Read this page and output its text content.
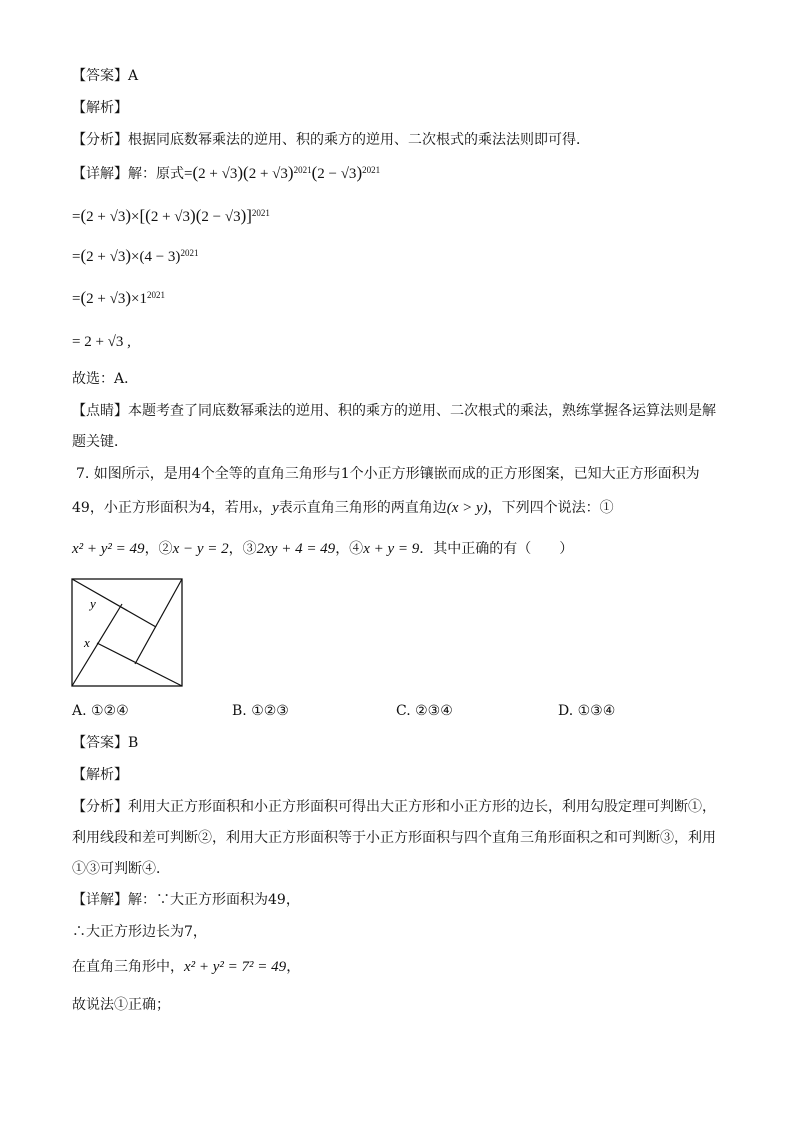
【答案】A
【解析】
【分析】根据同底数幂乘法的逆用、积的乘方的逆用、二次根式的乘法法则即可得．
【详解】解：原式$=(2 + √3)(2 + √3)^{2021}(2 - √3)^{2021}$
$=(2 + √3)\times[(2 + √3)(2 - √3)]^{2021}$
$=(2 + √3)\times(4 - 3)^{2021}$
$=(2 + √3)\times 1^{2021}$
= 2 + √3 ,
故选：A．
【点睛】本题考查了同底数幂乘法的逆用、积的乘方的逆用、二次根式的乘法，熟练掌握各运算法则是解
题关键．
7. 如图所示，是用4个全等的直角三角形与1个小正方形镶嵌而成的正方形图案，已知大正方形面积为
49，小正方形面积为4，若用x，y表示直角三角形的两直角边(x > y)，下列四个说法：①
x² + y² = 49，②x − y = 2，③2xy + 4 = 49，④x + y = 9．其中正确的有（　　）
y
x
A. ①②④	B. ①②③	C. ②③④	D. ①③④
【答案】B
【解析】
【分析】利用大正方形面积和小正方形面积可得出大正方形和小正方形的边长，利用勾股定理可判断①，
利用线段和差可判断②，利用大正方形面积等于小正方形面积与四个直角三角形面积之和可判断③，利用
①③可判断④．
【详解】解：∵大正方形面积为49，
∴大正方形边长为7，
在直角三角形中，x² + y² = 7² = 49，
故说法①正确；
